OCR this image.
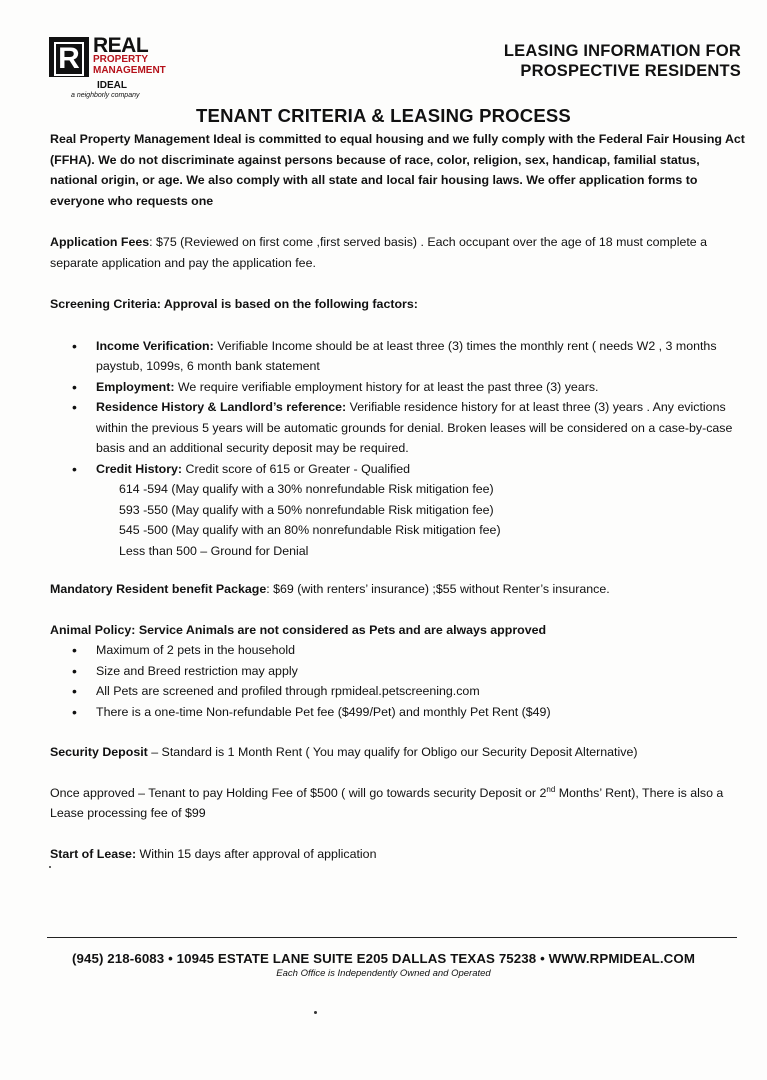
R REAL
PROPERTY
MANAGEMENT
IDEAL
a neighborly company
LEASING INFORMATION FOR
PROSPECTIVE RESIDENTS
TENANT CRITERIA & LEASING PROCESS

Real Property Management Ideal is committed to equal housing and we fully comply with the Federal Fair Housing Act (FFHA). We do not discriminate against persons because of race, color, religion, sex, handicap, familial status, national origin, or age. We also comply with all state and local fair housing laws. We offer application forms to everyone who requests one

Application Fees: $75 (Reviewed on first come ,first served basis) . Each occupant over the age of 18 must complete a separate application and pay the application fee.

Screening Criteria: Approval is based on the following factors:

• Income Verification: Verifiable Income should be at least three (3) times the monthly rent ( needs W2 , 3 months paystub, 1099s, 6 month bank statement
• Employment: We require verifiable employment history for at least the past three (3) years.
• Residence History & Landlord’s reference: Verifiable residence history for at least three (3) years . Any evictions within the previous 5 years will be automatic grounds for denial. Broken leases will be considered on a case-by-case basis and an additional security deposit may be required.
• Credit History: Credit score of 615 or Greater - Qualified
614 -594 (May qualify with a 30% nonrefundable Risk mitigation fee)
593 -550 (May qualify with a 50% nonrefundable Risk mitigation fee)
545 -500 (May qualify with an 80% nonrefundable Risk mitigation fee)
Less than 500 – Ground for Denial

Mandatory Resident benefit Package: $69 (with renters’ insurance) ;$55 without Renter’s insurance.

Animal Policy: Service Animals are not considered as Pets and are always approved

• Maximum of 2 pets in the household
• Size and Breed restriction may apply
• All Pets are screened and profiled through rpmideal.petscreening.com
• There is a one-time Non-refundable Pet fee ($499/Pet) and monthly Pet Rent ($49)

Security Deposit – Standard is 1 Month Rent ( You may qualify for Obligo our Security Deposit Alternative)

Once approved – Tenant to pay Holding Fee of $500 ( will go towards security Deposit or 2nd Months’ Rent), There is also a Lease processing fee of $99

Start of Lease: Within 15 days after approval of application

(945) 218-6083 • 10945 ESTATE LANE SUITE E205 DALLAS TEXAS 75238 • WWW.RPMIDEAL.COM
Each Office is Independently Owned and Operated
